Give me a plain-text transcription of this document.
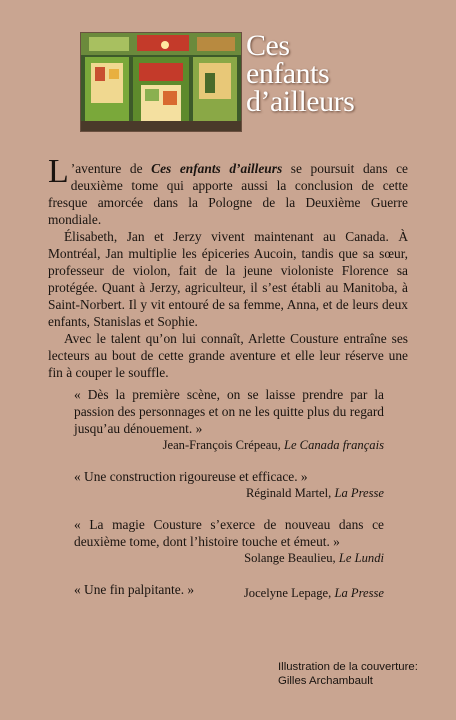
Ces
enfants
d’ailleurs

L ’aventure de Ces enfants d’ailleurs se poursuit dans ce deuxième tome qui apporte aussi la conclusion de cette fresque amorcée dans la Pologne de la Deuxième Guerre mondiale.

Élisabeth, Jan et Jerzy vivent maintenant au Canada. À Montréal, Jan multiplie les épiceries Aucoin, tandis que sa sœur, professeur de violon, fait de la jeune violoniste Florence sa protégée. Quant à Jerzy, agriculteur, il s’est établi au Manitoba, à Saint-Norbert. Il y vit entouré de sa femme, Anna, et de leurs deux enfants, Stanislas et Sophie.

Avec le talent qu’on lui connaît, Arlette Cousture entraîne ses lecteurs au bout de cette grande aventure et elle leur réserve une fin à couper le souffle.

« Dès la première scène, on se laisse prendre par la passion des personnages et on ne les quitte plus du regard jusqu’au dénouement. »
Jean-François Crépeau, Le Canada français
« Une construction rigoureuse et efficace. »
Réginald Martel, La Presse
« La magie Cousture s’exerce de nouveau dans ce deuxième tome, dont l’histoire touche et émeut. »
Solange Beaulieu, Le Lundi
« Une fin palpitante. »	Jocelyne Lepage, La Presse
Illustration de la couverture:
Gilles Archambault
